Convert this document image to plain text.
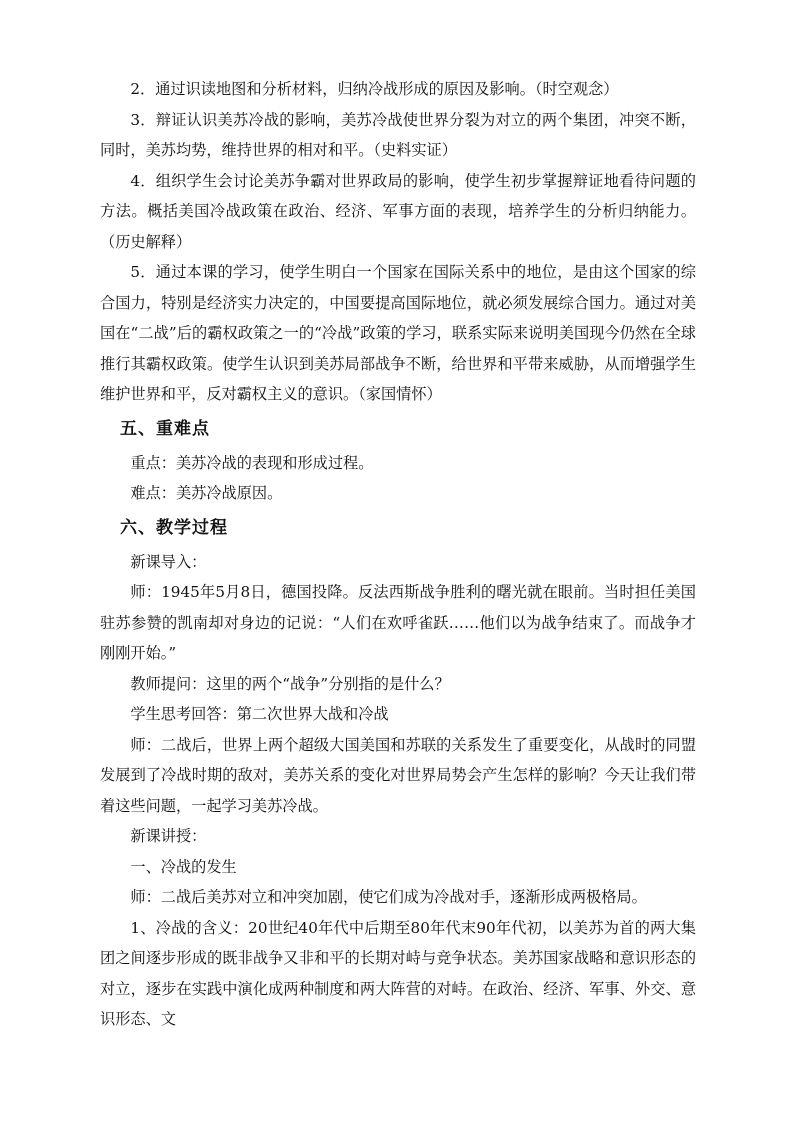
2．通过识读地图和分析材料，归纳冷战形成的原因及影响。（时空观念）

3．辩证认识美苏冷战的影响，美苏冷战使世界分裂为对立的两个集团，冲突不断，同时，美苏均势，维持世界的相对和平。（史料实证）

4．组织学生会讨论美苏争霸对世界政局的影响，使学生初步掌握辩证地看待问题的方法。概括美国冷战政策在政治、经济、军事方面的表现，培养学生的分析归纳能力。（历史解释）

5．通过本课的学习，使学生明白一个国家在国际关系中的地位，是由这个国家的综合国力，特别是经济实力决定的，中国要提高国际地位，就必须发展综合国力。通过对美国在“二战”后的霸权政策之一的“冷战”政策的学习，联系实际来说明美国现今仍然在全球推行其霸权政策。使学生认识到美苏局部战争不断，给世界和平带来威胁，从而增强学生维护世界和平，反对霸权主义的意识。（家国情怀）

五、重难点

重点：美苏冷战的表现和形成过程。

难点：美苏冷战原因。

六、教学过程

新课导入：

师：1945年5月8日，德国投降。反法西斯战争胜利的曙光就在眼前。当时担任美国驻苏参赞的凯南却对身边的记说：“人们在欢呼雀跃……他们以为战争结束了。而战争才刚刚开始。”

教师提问：这里的两个“战争”分别指的是什么？

学生思考回答：第二次世界大战和冷战

师：二战后，世界上两个超级大国美国和苏联的关系发生了重要变化，从战时的同盟发展到了冷战时期的敌对，美苏关系的变化对世界局势会产生怎样的影响？今天让我们带着这些问题，一起学习美苏冷战。

新课讲授：

一、冷战的发生

师：二战后美苏对立和冲突加剧，使它们成为冷战对手，逐渐形成两极格局。

1、冷战的含义：20世纪40年代中后期至80年代末90年代初，以美苏为首的两大集团之间逐步形成的既非战争又非和平的长期对峙与竞争状态。美苏国家战略和意识形态的对立，逐步在实践中演化成两种制度和两大阵营的对峙。在政治、经济、军事、外交、意识形态、文
